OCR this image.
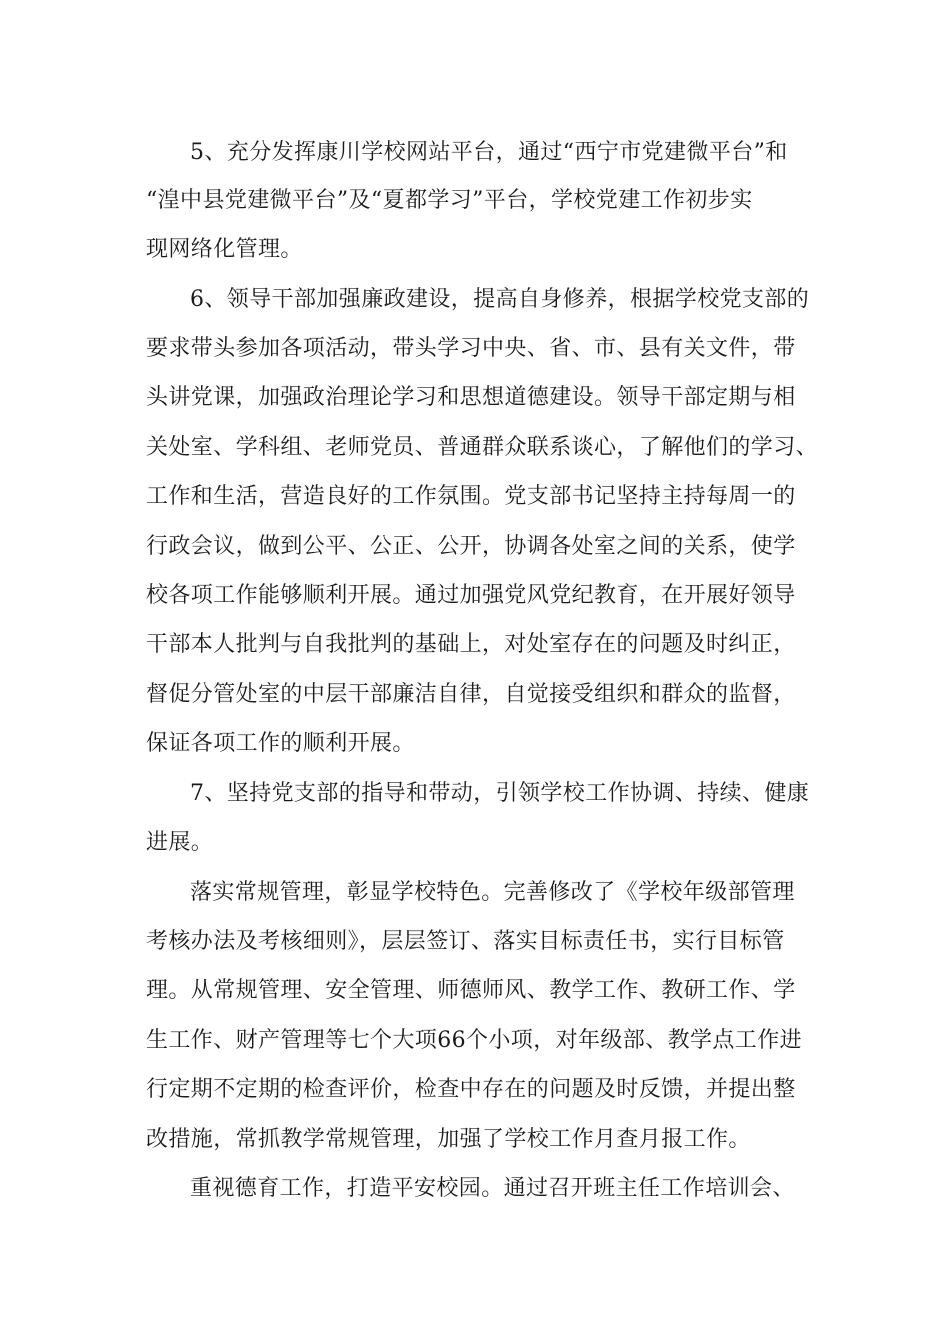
5、充分发挥康川学校网站平台，通过“西宁市党建微平台”和
“湟中县党建微平台”及“夏都学习”平台，学校党建工作初步实
现网络化管理。
6、领导干部加强廉政建设，提高自身修养，根据学校党支部的
要求带头参加各项活动，带头学习中央、省、市、县有关文件，带
头讲党课，加强政治理论学习和思想道德建设。领导干部定期与相
关处室、学科组、老师党员、普通群众联系谈心，了解他们的学习、
工作和生活，营造良好的工作氛围。党支部书记坚持主持每周一的
行政会议，做到公平、公正、公开，协调各处室之间的关系，使学
校各项工作能够顺利开展。通过加强党风党纪教育，在开展好领导
干部本人批判与自我批判的基础上，对处室存在的问题及时纠正，
督促分管处室的中层干部廉洁自律，自觉接受组织和群众的监督，
保证各项工作的顺利开展。
7、坚持党支部的指导和带动，引领学校工作协调、持续、健康
进展。
落实常规管理，彰显学校特色。完善修改了《学校年级部管理
考核办法及考核细则》，层层签订、落实目标责任书，实行目标管
理。从常规管理、安全管理、师德师风、教学工作、教研工作、学
生工作、财产管理等七个大项66个小项，对年级部、教学点工作进
行定期不定期的检查评价，检查中存在的问题及时反馈，并提出整
改措施，常抓教学常规管理，加强了学校工作月查月报工作。
重视德育工作，打造平安校园。通过召开班主任工作培训会、
